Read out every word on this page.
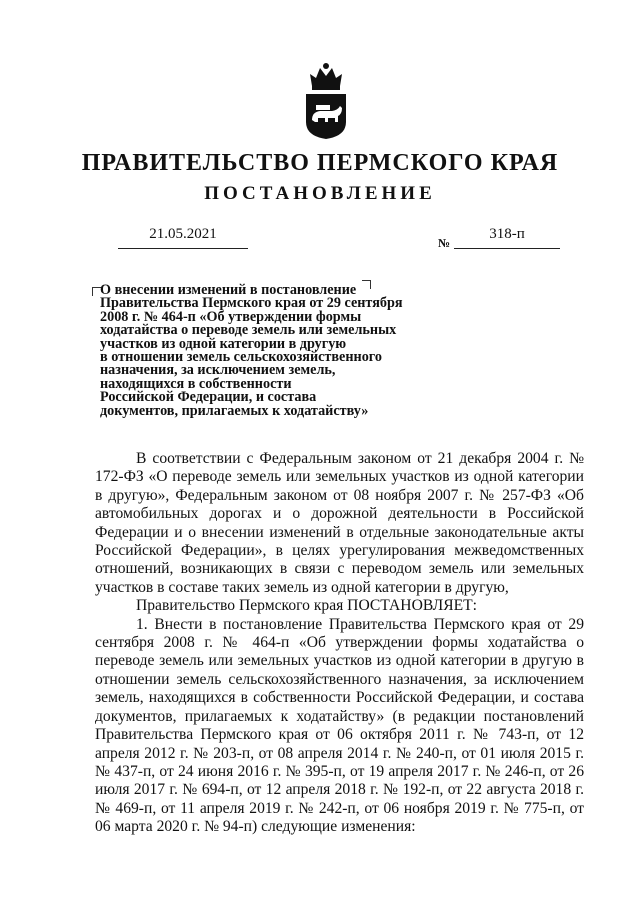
ПРАВИТЕЛЬСТВО ПЕРМСКОГО КРАЯ
ПОСТАНОВЛЕНИЕ
21.05.2021
№
318-п
О внесении изменений в постановление
Правительства Пермского края от 29 сентября
2008 г. № 464-п «Об утверждении формы
ходатайства о переводе земель или земельных
участков из одной категории в другую
в отношении земель сельскохозяйственного
назначения, за исключением земель,
находящихся в собственности
Российской Федерации, и состава
документов, прилагаемых к ходатайству»

В соответствии с Федеральным законом от 21 декабря 2004 г. № 172-ФЗ «О переводе земель или земельных участков из одной категории в другую», Федеральным законом от 08 ноября 2007 г. № 257-ФЗ «Об автомобильных дорогах и о дорожной деятельности в Российской Федерации и о внесении изменений в отдельные законодательные акты Российской Федерации», в целях урегулирования межведомственных отношений, возникающих в связи с переводом земель или земельных участков в составе таких земель из одной категории в другую,

Правительство Пермского края ПОСТАНОВЛЯЕТ:

1. Внести в постановление Правительства Пермского края от 29 сентября 2008 г. № 464-п «Об утверждении формы ходатайства о переводе земель или земельных участков из одной категории в другую в отношении земель сельскохозяйственного назначения, за исключением земель, находящихся в собственности Российской Федерации, и состава документов, прилагаемых к ходатайству» (в редакции постановлений Правительства Пермского края от 06 октября 2011 г. № 743-п, от 12 апреля 2012 г. № 203-п, от 08 апреля 2014 г. № 240-п, от 01 июля 2015 г. № 437-п, от 24 июня 2016 г. № 395-п, от 19 апреля 2017 г. № 246-п, от 26 июля 2017 г. № 694-п, от 12 апреля 2018 г. № 192-п, от 22 августа 2018 г. № 469-п, от 11 апреля 2019 г. № 242-п, от 06 ноября 2019 г. № 775-п, от 06 марта 2020 г. № 94-п) следующие изменения:
